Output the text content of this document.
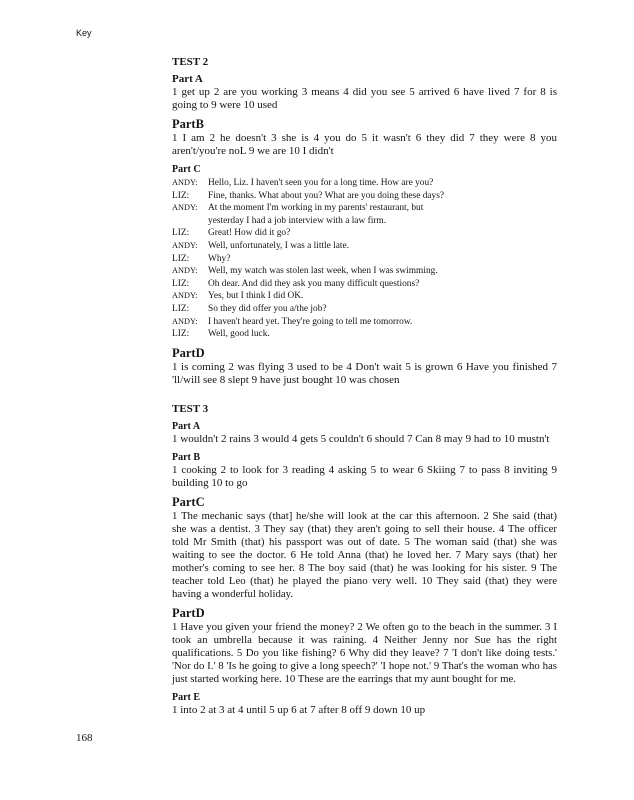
Key
TEST 2
Part A
1 get up 2 are you working 3 means 4 did you see 5 arrived 6 have lived 7 for 8 is going to 9 were 10 used
PartB
1 I am 2 he doesn't 3 she is 4 you do 5 it wasn't 6 they did 7 they were 8 you aren't/you're noL 9 we are 10 I didn't
Part C
ANDY:	Hello, Liz. I haven't seen you for a long time. How are you?
LIZ:	Fine, thanks. What about you? What are you doing these days?
ANDY:	At the moment I'm working in my parents' restaurant, but
yesterday I had a job interview with a law firm.
LIZ:	Great! How did it go?
ANDY:	Well, unfortunately, I was a little late.
LIZ:	Why?
ANDY:	Well, my watch was stolen last week, when I was swimming.
LIZ:	Oh dear. And did they ask you many difficult questions?
ANDY:	Yes, but I think I did OK.
LIZ:	So they did offer you a/the job?
ANDY:	I haven't heard yet. They're going to tell me tomorrow.
LIZ:	Well, good luck.
PartD
1 is coming 2 was flying 3 used to be 4 Don't wait 5 is grown 6 Have you finished 7 'll/will see 8 slept 9 have just bought 10 was chosen
TEST 3
Part A
1 wouldn't 2 rains 3 would 4 gets 5 couldn't 6 should 7 Can 8 may 9 had to 10 mustn't
Part B
1 cooking 2 to look for 3 reading 4 asking 5 to wear 6 Skiing 7 to pass 8 inviting 9 building 10 to go
PartC
1 The mechanic says (that] he/she will look at the car this afternoon. 2 She said (that) she was a dentist. 3 They say (that) they aren't going to sell their house. 4 The officer told Mr Smith (that) his passport was out of date. 5 The woman said (that) she was waiting to see the doctor. 6 He told Anna (that) he loved her. 7 Mary says (that) her mother's coming to see her. 8 The boy said (that) he was looking for his sister. 9 The teacher told Leo (that) he played the piano very well. 10 They said (that) they were having a wonderful holiday.
PartD
1 Have you given your friend the money? 2 We often go to the beach in the summer. 3 I took an umbrella because it was raining. 4 Neither Jenny nor Sue has the right qualifications. 5 Do you like fishing? 6 Why did they leave? 7 'I don't like doing tests.' 'Nor do I.' 8 'Is he going to give a long speech?' 'I hope not.' 9 That's the woman who has just started working here. 10 These are the earrings that my aunt bought for me.
Part E
1 into 2 at 3 at 4 until 5 up 6 at 7 after 8 off 9 down 10 up
168
